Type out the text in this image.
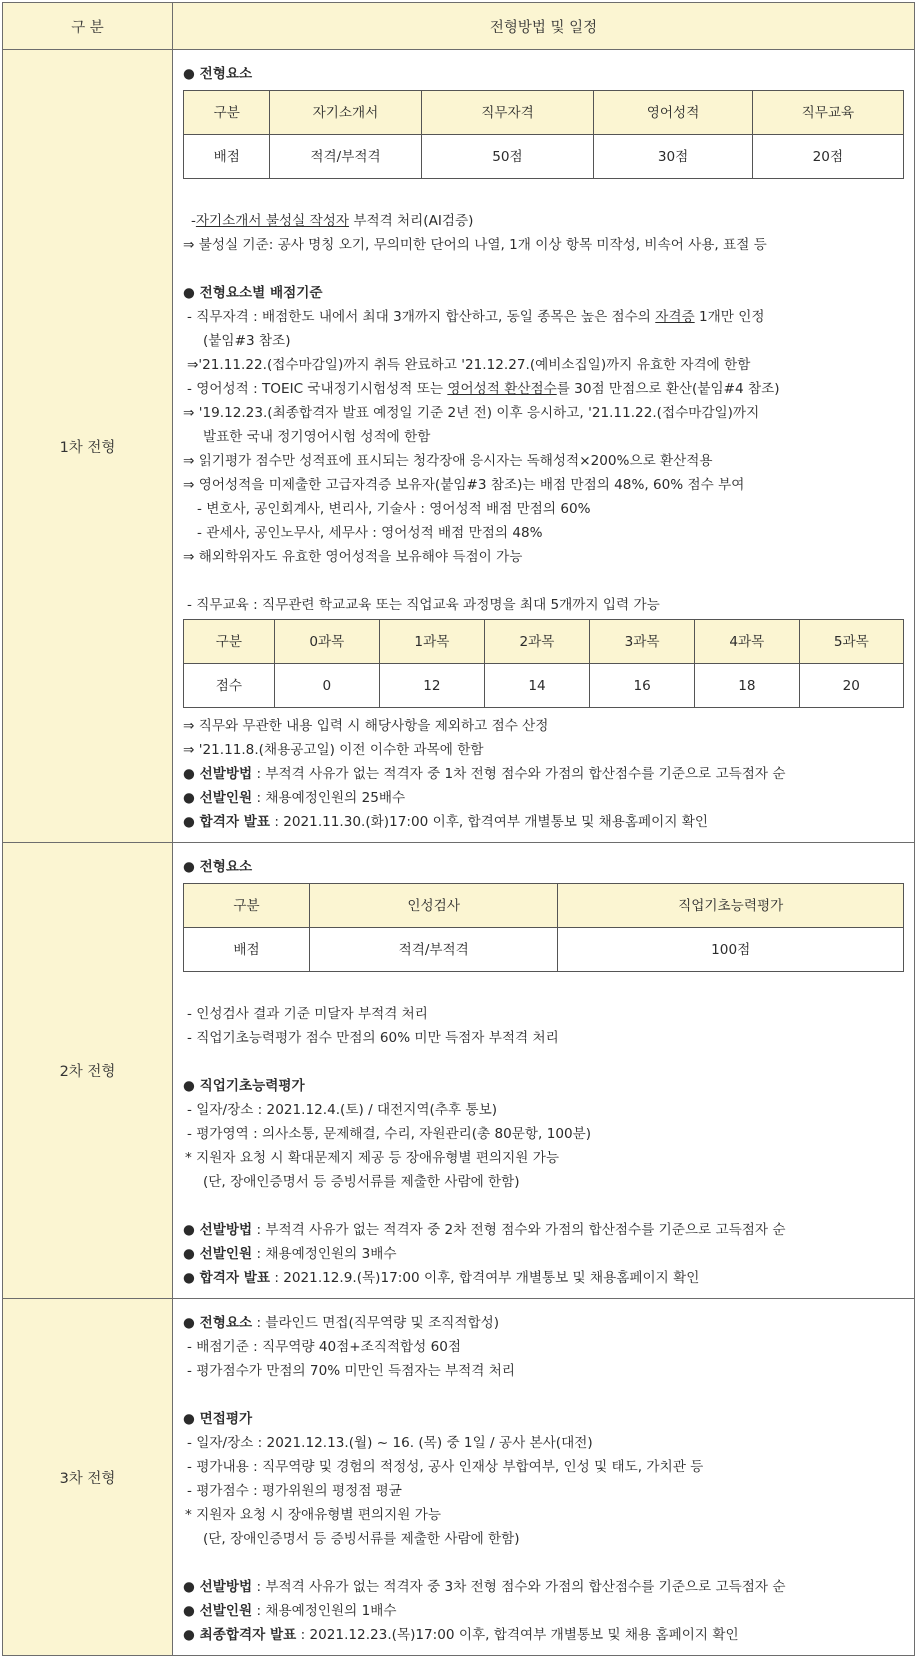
구 분	전형방법 및 일정
1차 전형	
● 전형요소
구분	자기소개서	직무자격	영어성적	직무교육
배점	적격/부적격	50점	30점	20점
-자기소개서 불성실 작성자 부적격 처리(AI검증)
⇒ 불성실 기준: 공사 명칭 오기, 무의미한 단어의 나열, 1개 이상 항목 미작성, 비속어 사용, 표절 등
● 전형요소별 배점기준
- 직무자격 : 배점한도 내에서 최대 3개까지 합산하고, 동일 종목은 높은 점수의 자격증 1개만 인정
(붙임#3 참조)
⇒'21.11.22.(접수마감일)까지 취득 완료하고 '21.12.27.(예비소집일)까지 유효한 자격에 한함
- 영어성적 : TOEIC 국내정기시험성적 또는 영어성적 환산점수를 30점 만점으로 환산(붙임#4 참조)
⇒ '19.12.23.(최종합격자 발표 예정일 기준 2년 전) 이후 응시하고, '21.11.22.(접수마감일)까지
발표한 국내 정기영어시험 성적에 한함
⇒ 읽기평가 점수만 성적표에 표시되는 청각장애 응시자는 독해성적×200%으로 환산적용
⇒ 영어성적을 미제출한 고급자격증 보유자(붙임#3 참조)는 배점 만점의 48%, 60% 점수 부여
- 변호사, 공인회계사, 변리사, 기술사 : 영어성적 배점 만점의 60%
- 관세사, 공인노무사, 세무사 : 영어성적 배점 만점의 48%
⇒ 해외학위자도 유효한 영어성적을 보유해야 득점이 가능
- 직무교육 : 직무관련 학교교육 또는 직업교육 과정명을 최대 5개까지 입력 가능
구분	0과목	1과목	2과목	3과목	4과목	5과목
점수	0	12	14	16	18	20
⇒ 직무와 무관한 내용 입력 시 해당사항을 제외하고 점수 산정
⇒ '21.11.8.(채용공고일) 이전 이수한 과목에 한함
● 선발방법 : 부적격 사유가 없는 적격자 중 1차 전형 점수와 가점의 합산점수를 기준으로 고득점자 순
● 선발인원 : 채용예정인원의 25배수
● 합격자 발표 : 2021.11.30.(화)17:00 이후, 합격여부 개별통보 및 채용홈페이지 확인

2차 전형	
● 전형요소
구분	인성검사	직업기초능력평가
배점	적격/부적격	100점
- 인성검사 결과 기준 미달자 부적격 처리
- 직업기초능력평가 점수 만점의 60% 미만 득점자 부적격 처리
● 직업기초능력평가
- 일자/장소 : 2021.12.4.(토) / 대전지역(추후 통보)
- 평가영역 : 의사소통, 문제해결, 수리, 자원관리(총 80문항, 100분)
* 지원자 요청 시 확대문제지 제공 등 장애유형별 편의지원 가능
(단, 장애인증명서 등 증빙서류를 제출한 사람에 한함)
● 선발방법 : 부적격 사유가 없는 적격자 중 2차 전형 점수와 가점의 합산점수를 기준으로 고득점자 순
● 선발인원 : 채용예정인원의 3배수
● 합격자 발표 : 2021.12.9.(목)17:00 이후, 합격여부 개별통보 및 채용홈페이지 확인

3차 전형	
● 전형요소 : 블라인드 면접(직무역량 및 조직적합성)
- 배점기준 : 직무역량 40점+조직적합성 60점
- 평가점수가 만점의 70% 미만인 득점자는 부적격 처리
● 면접평가
- 일자/장소 : 2021.12.13.(월) ~ 16. (목) 중 1일 / 공사 본사(대전)
- 평가내용 : 직무역량 및 경험의 적정성, 공사 인재상 부합여부, 인성 및 태도, 가치관 등
- 평가점수 : 평가위원의 평정점 평균
* 지원자 요청 시 장애유형별 편의지원 가능
(단, 장애인증명서 등 증빙서류를 제출한 사람에 한함)
● 선발방법 : 부적격 사유가 없는 적격자 중 3차 전형 점수와 가점의 합산점수를 기준으로 고득점자 순
● 선발인원 : 채용예정인원의 1배수
● 최종합격자 발표 : 2021.12.23.(목)17:00 이후, 합격여부 개별통보 및 채용 홈페이지 확인
